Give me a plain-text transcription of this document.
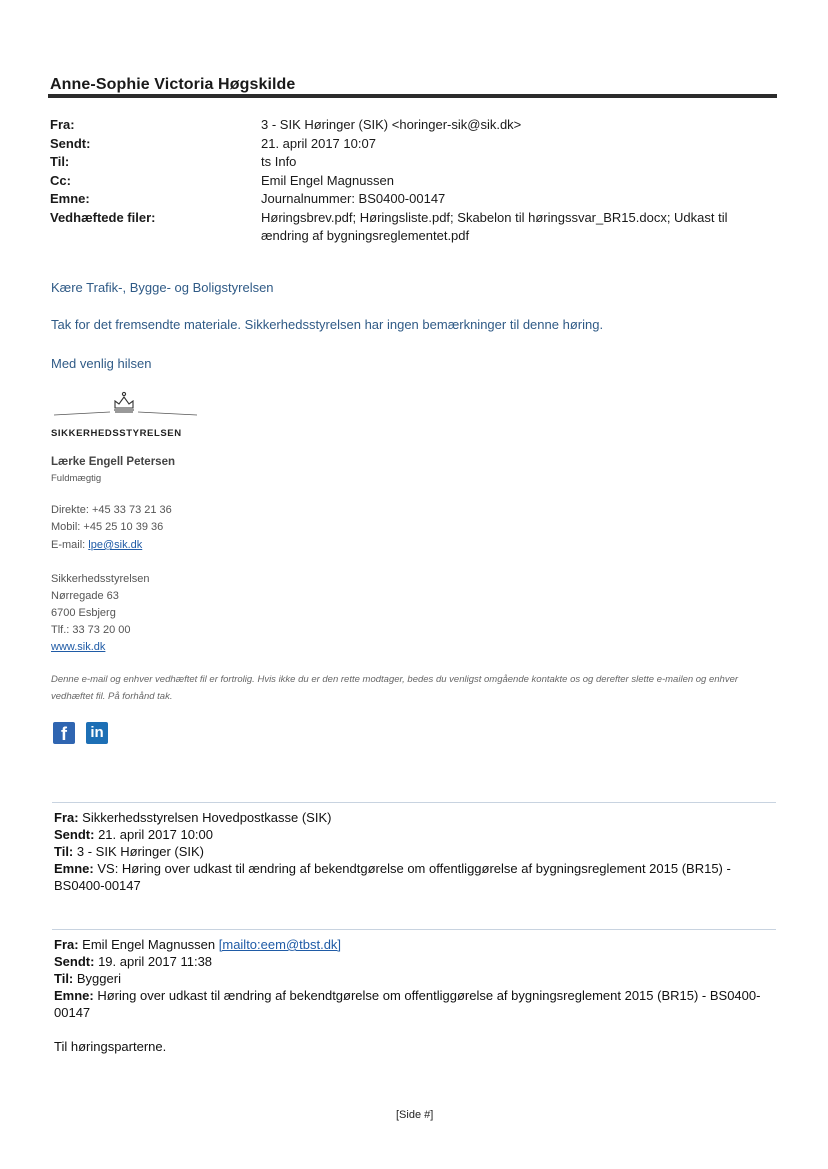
Anne-Sophie Victoria Høgskilde
Fra:	3 - SIK Høringer (SIK) <horinger-sik@sik.dk>
Sendt:	21. april 2017 10:07
Til:	ts Info
Cc:	Emil Engel Magnussen
Emne:	Journalnummer: BS0400-00147
Vedhæftede filer:	Høringsbrev.pdf; Høringsliste.pdf; Skabelon til høringssvar_BR15.docx; Udkast til ændring af bygningsreglementet.pdf
Kære Trafik-, Bygge- og Boligstyrelsen
Tak for det fremsendte materiale. Sikkerhedsstyrelsen har ingen bemærkninger til denne høring.
Med venlig hilsen
SIKKERHEDSSTYRELSEN
Lærke Engell Petersen
Fuldmægtig
Direkte: +45 33 73 21 36
Mobil: +45 25 10 39 36
E-mail: lpe@sik.dk
Sikkerhedsstyrelsen
Nørregade 63
6700 Esbjerg
Tlf.: 33 73 20 00
www.sik.dk
Denne e-mail og enhver vedhæftet fil er fortrolig. Hvis ikke du er den rette modtager, bedes du venligst omgående kontakte os og derefter slette e-mailen og enhver vedhæftet fil. På forhånd tak.
f	in
Fra: Sikkerhedsstyrelsen Hovedpostkasse (SIK)
Sendt: 21. april 2017 10:00
Til: 3 - SIK Høringer (SIK)
Emne: VS: Høring over udkast til ændring af bekendtgørelse om offentliggørelse af bygningsreglement 2015 (BR15) - BS0400-00147
Fra: Emil Engel Magnussen [mailto:eem@tbst.dk]
Sendt: 19. april 2017 11:38
Til: Byggeri
Emne: Høring over udkast til ændring af bekendtgørelse om offentliggørelse af bygningsreglement 2015 (BR15) - BS0400-00147
Til høringsparterne.
[Side #]
